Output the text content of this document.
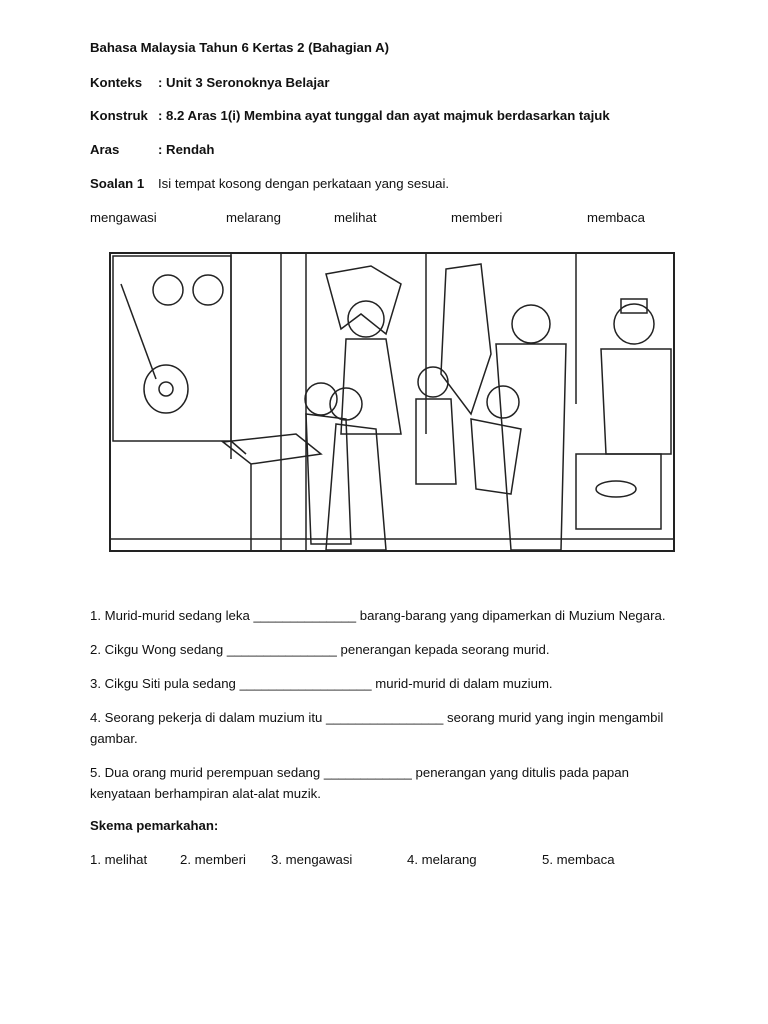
Bahasa Malaysia Tahun 6 Kertas 2 (Bahagian A)
Konteks : Unit 3 Seronoknya Belajar
Konstruk : 8.2 Aras 1(i) Membina ayat tunggal dan ayat majmuk berdasarkan tajuk
Aras	: Rendah
Soalan 1 Isi tempat kosong dengan perkataan yang sesuai.
mengawasi	melarang	melihat	memberi	membaca
1. Murid-murid sedang leka ______________ barang-barang yang dipamerkan di Muzium Negara.
2. Cikgu Wong sedang _______________ penerangan kepada seorang murid.
3. Cikgu Siti pula sedang __________________ murid-murid di dalam muzium.
4. Seorang pekerja di dalam muzium itu ________________ seorang murid yang ingin mengambil gambar.
5. Dua orang murid perempuan sedang ____________ penerangan yang ditulis pada papan kenyataan berhampiran alat-alat muzik.
Skema pemarkahan:
1. melihat 2. memberi 3. mengawasi	4. melarang	5. membaca
